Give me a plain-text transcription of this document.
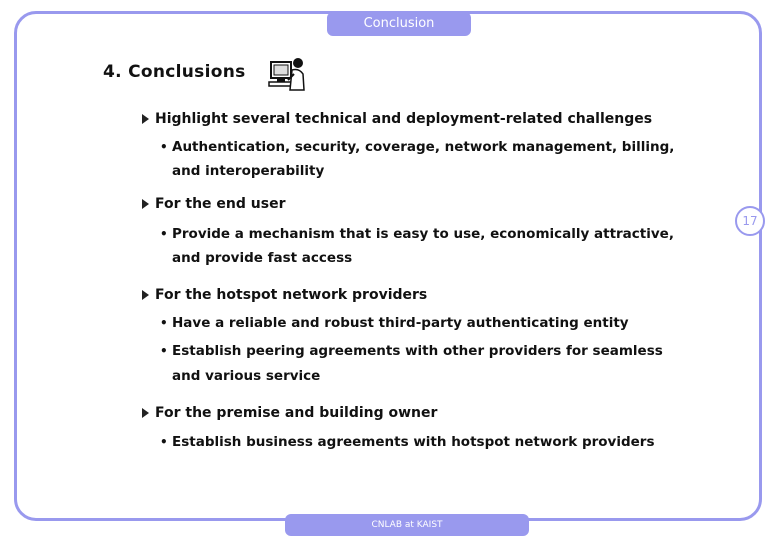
Conclusion
17
CNLAB at KAIST
4. Conclusions
Highlight several technical and deployment-related challenges
• Authentication, security, coverage, network management, billing,
and interoperability
For the end user
• Provide a mechanism that is easy to use, economically attractive,
and provide fast access
For the hotspot network providers
• Have a reliable and robust third-party authenticating entity
• Establish peering agreements with other providers for seamless
and various service
For the premise and building owner
• Establish business agreements with hotspot network providers
